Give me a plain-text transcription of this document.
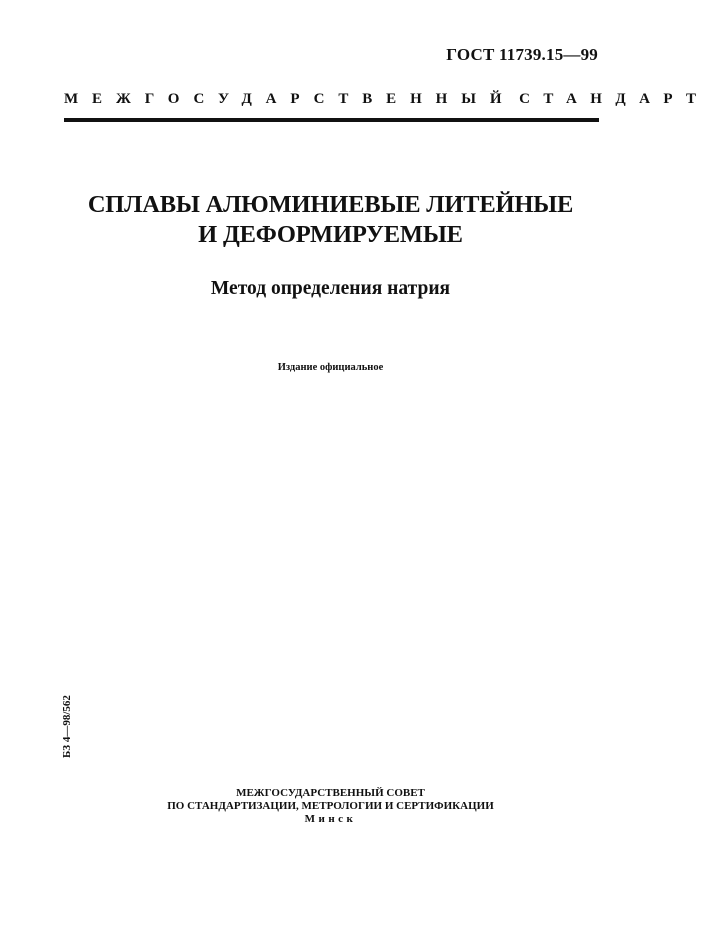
ГОСТ 11739.15—99
МЕЖГОСУДАРСТВЕННЫЙ СТАНДАРТ
СПЛАВЫ АЛЮМИНИЕВЫЕ ЛИТЕЙНЫЕ
И ДЕФОРМИРУЕМЫЕ
Метод определения натрия
Издание официальное
БЗ 4—98/562
МЕЖГОСУДАРСТВЕННЫЙ СОВЕТ
ПО СТАНДАРТИЗАЦИИ, МЕТРОЛОГИИ И СЕРТИФИКАЦИИ
Минск
